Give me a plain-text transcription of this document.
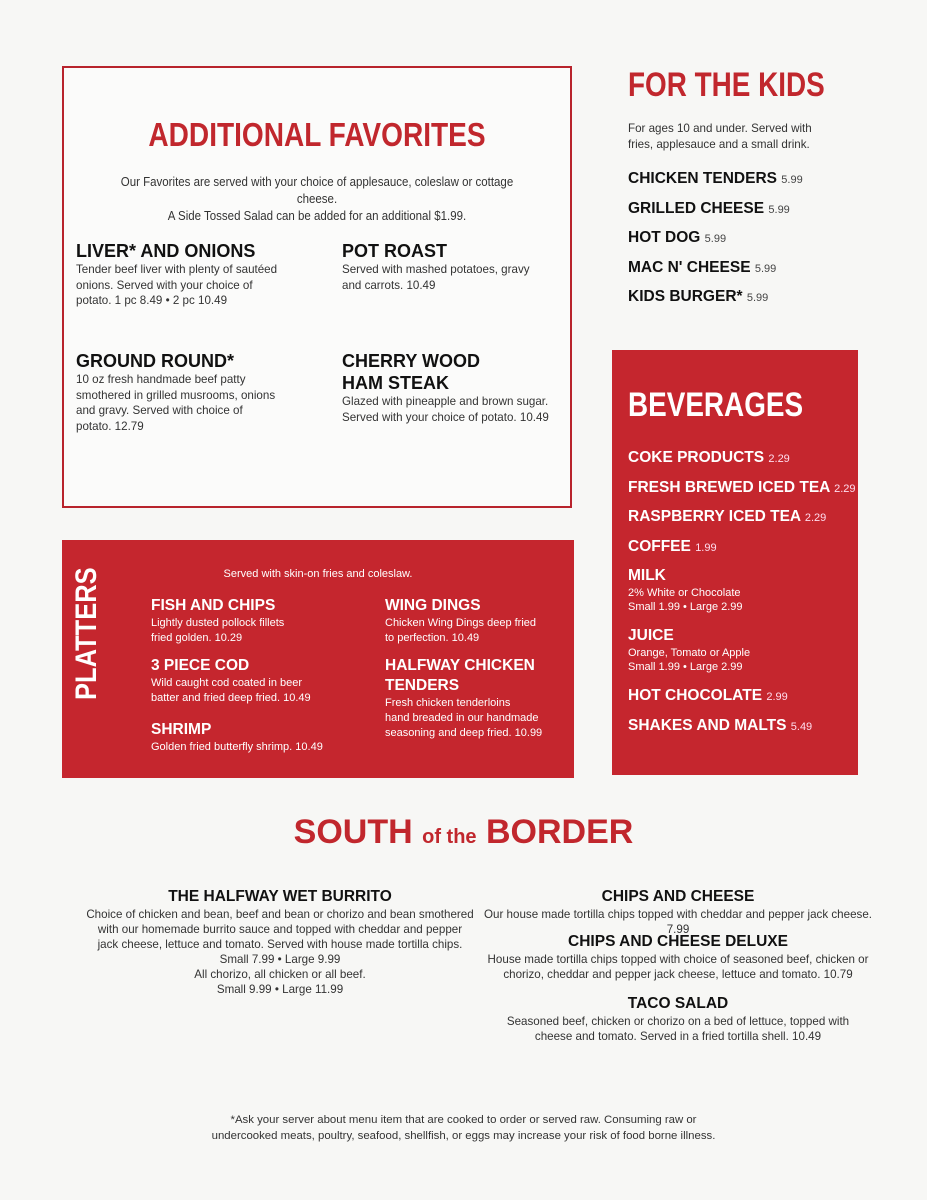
ADDITIONAL FAVORITES
Our Favorites are served with your choice of applesauce, coleslaw or cottage cheese.
A Side Tossed Salad can be added for an additional $1.99.
LIVER* AND ONIONS
Tender beef liver with plenty of sautéed onions. Served with your choice of potato. 1 pc 8.49 • 2 pc 10.49
POT ROAST
Served with mashed potatoes, gravy and carrots. 10.49
GROUND ROUND*
10 oz fresh handmade beef patty smothered in grilled musrooms, onions and gravy. Served with choice of potato. 12.79
CHERRY WOOD
HAM STEAK
Glazed with pineapple and brown sugar. Served with your choice of potato. 10.49
FOR THE KIDS
For ages 10 and under. Served with fries, applesauce and a small drink.
CHICKEN TENDERS 5.99
GRILLED CHEESE 5.99
HOT DOG 5.99
MAC N' CHEESE 5.99
KIDS BURGER* 5.99
BEVERAGES
COKE PRODUCTS 2.29
FRESH BREWED ICED TEA 2.29
RASPBERRY ICED TEA 2.29
COFFEE 1.99
MILK
2% White or Chocolate
Small 1.99 • Large 2.99
JUICE
Orange, Tomato or Apple
Small 1.99 • Large 2.99
HOT CHOCOLATE 2.99
SHAKES AND MALTS 5.49
Served with skin-on fries and coleslaw.
PLATTERS	FISH AND CHIPS
Lightly dusted pollock fillets
fried golden. 10.29
3 PIECE COD
Wild caught cod coated in beer
batter and fried deep fried. 10.49
SHRIMP
Golden fried butterfly shrimp. 10.49
WING DINGS
Chicken Wing Dings deep fried
to perfection. 10.49
HALFWAY CHICKEN
TENDERS
Fresh chicken tenderloins
hand breaded in our handmade
seasoning and deep fried. 10.99
SOUTH of the BORDER
THE HALFWAY WET BURRITO
Choice of chicken and bean, beef and bean or chorizo and bean smothered
with our homemade burrito sauce and topped with cheddar and pepper
jack cheese, lettuce and tomato. Served with house made tortilla chips.
Small 7.99 • Large 9.99
All chorizo, all chicken or all beef.
Small 9.99 • Large 11.99
CHIPS AND CHEESE
Our house made tortilla chips topped with cheddar and pepper jack cheese. 7.99
CHIPS AND CHEESE DELUXE
House made tortilla chips topped with choice of seasoned beef, chicken or
chorizo, cheddar and pepper jack cheese, lettuce and tomato. 10.79
TACO SALAD
Seasoned beef, chicken or chorizo on a bed of lettuce, topped with
cheese and tomato. Served in a fried tortilla shell. 10.49
*Ask your server about menu item that are cooked to order or served raw. Consuming raw or
undercooked meats, poultry, seafood, shellfish, or eggs may increase your risk of food borne illness.
